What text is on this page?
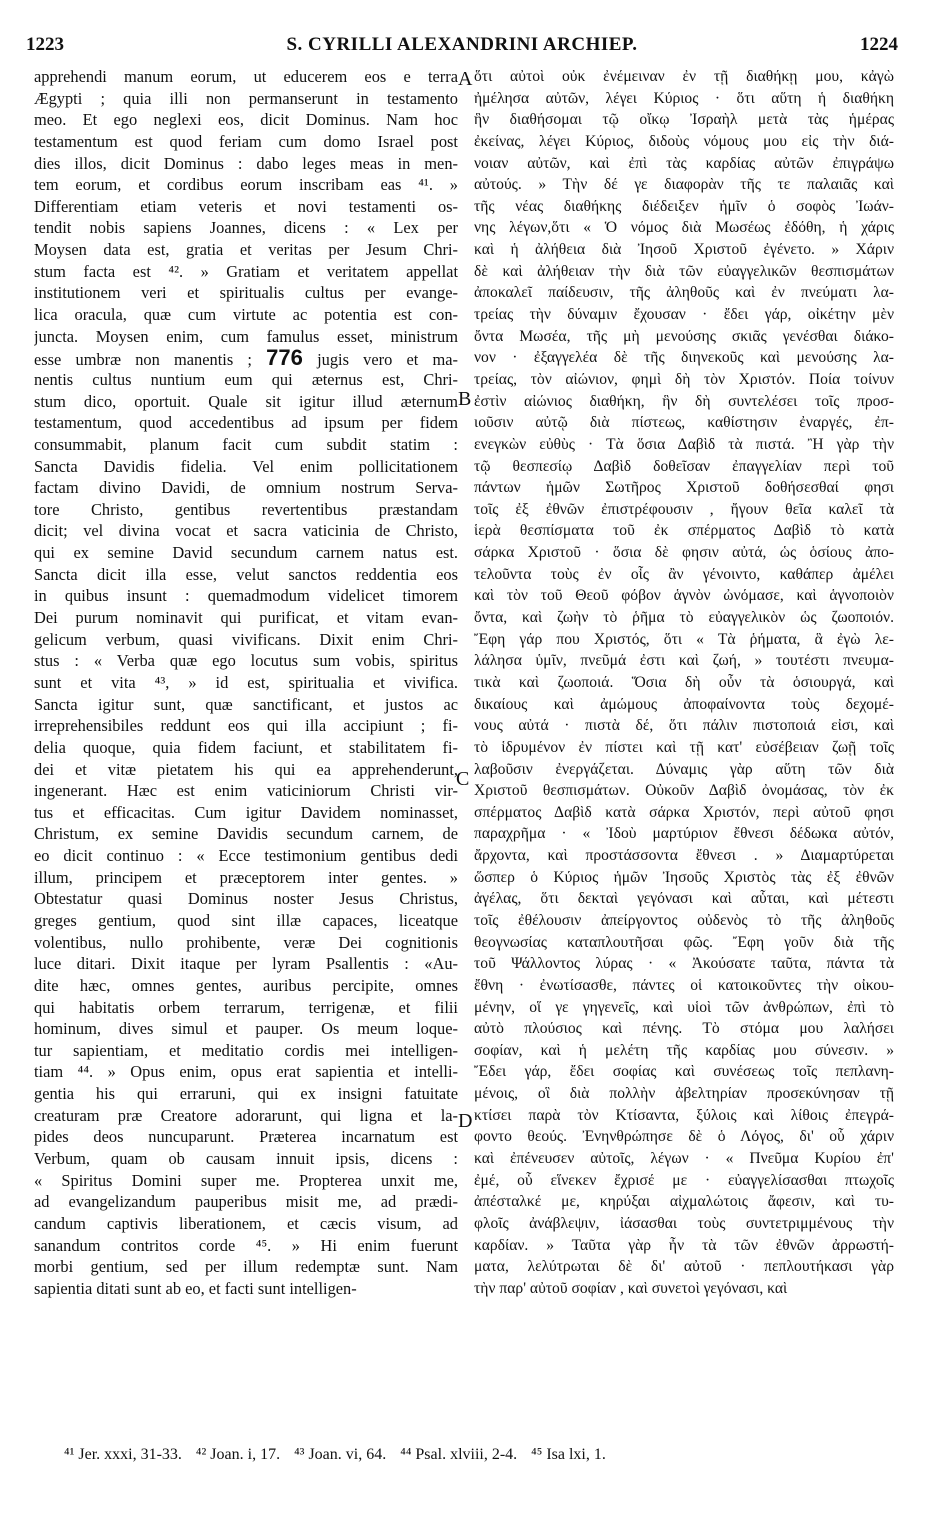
1223	S. CYRILLI ALEXANDRINI ARCHIEP.	1224
apprehendi manum eorum, ut educerem eos e terra
Ægypti ; quia illi non permanserunt in testamento
meo. Et ego neglexi eos, dicit Dominus. Nam hoc
testamentum est quod feriam cum domo Israel post
dies illos, dicit Dominus : dabo leges meas in men-
tem eorum, et cordibus eorum inscribam eas ⁴¹. »
Differentiam etiam veteris et novi testamenti os-
tendit nobis sapiens Joannes, dicens : « Lex per
Moysen data est, gratia et veritas per Jesum Chri-
stum facta est ⁴². » Gratiam et veritatem appellat
institutionem veri et spiritualis cultus per evange-
lica oracula, quæ cum virtute ac potentia est con-
juncta. Moysen enim, cum famulus esset, ministrum
esse umbræ non manentis ; 776 jugis vero et ma-
nentis cultus nuntium eum qui æternus est, Chri-
stum dico, oportuit. Quale sit igitur illud æternum
testamentum, quod accedentibus ad ipsum per fidem
consummabit, planum facit cum subdit statim :
Sancta Davidis fidelia. Vel enim pollicitationem
factam divino Davidi, de omnium nostrum Serva-
tore Christo, gentibus revertentibus præstandam
dicit; vel divina vocat et sacra vaticinia de Christo,
qui ex semine David secundum carnem natus est.
Sancta dicit illa esse, velut sanctos reddentia eos
in quibus insunt : quemadmodum videlicet timorem
Dei purum nominavit qui purificat, et vitam evan-
gelicum verbum, quasi vivificans. Dixit enim Chri-
stus : « Verba quæ ego locutus sum vobis, spiritus
sunt et vita ⁴³, » id est, spiritualia et vivifica.
Sancta igitur sunt, quæ sanctificant, et justos ac
irreprehensibiles reddunt eos qui illa accipiunt ; fi-
delia quoque, quia fidem faciunt, et stabilitatem fi-
dei et vitæ pietatem his qui ea apprehenderunt,
ingenerant. Hæc est enim vaticiniorum Christi vir-
tus et efficacitas. Cum igitur Davidem nominasset,
Christum, ex semine Davidis secundum carnem, de
eo dicit continuo : « Ecce testimonium gentibus dedi
illum, principem et præceptorem inter gentes. »
Obtestatur quasi Dominus noster Jesus Christus,
greges gentium, quod sint illæ capaces, liceatque
volentibus, nullo prohibente, veræ Dei cognitionis
luce ditari. Dixit itaque per lyram Psallentis : «Au-
dite hæc, omnes gentes, auribus percipite, omnes
qui habitatis orbem terrarum, terrigenæ, et filii
hominum, dives simul et pauper. Os meum loque-
tur sapientiam, et meditatio cordis mei intelligen-
tiam ⁴⁴. » Opus enim, opus erat sapientia et intelli-
gentia his qui erraruni, qui ex insigni fatuitate
creaturam præ Creatore adorarunt, qui ligna et la-
pides deos nuncuparunt. Præterea incarnatum est
Verbum, quam ob causam innuit ipsis, dicens :
« Spiritus Domini super me. Propterea unxit me,
ad evangelizandum pauperibus misit me, ad prædi-
candum captivis liberationem, et cæcis visum, ad
sanandum contritos corde ⁴⁵. » Hi enim fuerunt
morbi gentium, sed per illum redemptæ sunt. Nam
sapientia ditati sunt ab eo, et facti sunt intelligen-
ὅτι αὐτοὶ οὐκ ἐνέμειναν ἐν τῇ διαθήκῃ μου, κἀγὼ
ἠμέλησα αὐτῶν, λέγει Κύριος · ὅτι αὕτη ἡ διαθήκη
ἣν διαθήσομαι τῷ οἴκῳ Ἰσραὴλ μετὰ τὰς ἡμέρας
ἐκείνας, λέγει Κύριος, διδοὺς νόμους μου εἰς τὴν διά-
νοιαν αὐτῶν, καὶ ἐπὶ τὰς καρδίας αὐτῶν ἐπιγράψω
αὐτούς. » Τὴν δέ γε διαφορὰν τῆς τε παλαιᾶς καὶ
τῆς νέας διαθήκης διέδειξεν ἡμῖν ὁ σοφὸς Ἰωάν-
νης λέγων,ὅτι « Ὁ νόμος διὰ Μωσέως ἐδόθη, ἡ χάρις
καὶ ἡ ἀλήθεια διὰ Ἰησοῦ Χριστοῦ ἐγένετο. » Χάριν
δὲ καὶ ἀλήθειαν τὴν διὰ τῶν εὐαγγελικῶν θεσπισμάτων
ἀποκαλεῖ παίδευσιν, τῆς ἀληθοῦς καὶ ἐν πνεύματι λα-
τρείας τὴν δύναμιν ἔχουσαν · ἔδει γάρ, οἰκέτην μὲν
ὄντα Μωσέα, τῆς μὴ μενούσης σκιᾶς γενέσθαι διάκο-
νον · ἐξαγγελέα δὲ τῆς διηνεκοῦς καὶ μενούσης λα-
τρείας, τὸν αἰώνιον, φημὶ δὴ τὸν Χριστόν. Ποία τοίνυν
ἐστὶν αἰώνιος διαθήκη, ἣν δὴ συντελέσει τοῖς προσ-
ιοῦσιν αὐτῷ διὰ πίστεως, καθίστησιν ἐναργές, ἐπ-
ενεγκὼν εὐθὺς · Τὰ ὅσια Δαβὶδ τὰ πιστά. Ἢ γὰρ τὴν
τῷ θεσπεσίῳ Δαβὶδ δοθεῖσαν ἐπαγγελίαν περὶ τοῦ
πάντων ἡμῶν Σωτῆρος Χριστοῦ δοθήσεσθαί φησι
τοῖς ἐξ ἐθνῶν ἐπιστρέφουσιν , ἤγουν θεῖα καλεῖ τὰ
ἱερὰ θεσπίσματα τοῦ ἐκ σπέρματος Δαβὶδ τὸ κατὰ
σάρκα Χριστοῦ · ὅσια δὲ φησιν αὐτά, ὡς ὁσίους ἀπο-
τελοῦντα τοὺς ἐν οἷς ἂν γένοιντο, καθάπερ ἀμέλει
καὶ τὸν τοῦ Θεοῦ φόβον ἁγνὸν ὠνόμασε, καὶ ἁγνοποιὸν
ὄντα, καὶ ζωὴν τὸ ῥῆμα τὸ εὐαγγελικὸν ὡς ζωοποιόν.
Ἔφη γάρ που Χριστός, ὅτι « Τὰ ῥήματα, ἃ ἐγὼ λε-
λάλησα ὑμῖν, πνεῦμά ἐστι καὶ ζωή, » τουτέστι πνευμα-
τικὰ καὶ ζωοποιά. Ὅσια δὴ οὖν τὰ ὁσιουργά, καὶ
δικαίους καὶ ἀμώμους ἀποφαίνοντα τοὺς δεχομέ-
νους αὐτά · πιστὰ δέ, ὅτι πάλιν πιστοποιά εἰσι, καὶ
τὸ ἱδρυμένον ἐν πίστει καὶ τῇ κατ' εὐσέβειαν ζωῇ τοῖς
λαβοῦσιν ἐνεργάζεται. Δύναμις γὰρ αὕτη τῶν διὰ
Χριστοῦ θεσπισμάτων. Οὐκοῦν Δαβὶδ ὀνομάσας, τὸν ἐκ
σπέρματος Δαβὶδ κατὰ σάρκα Χριστόν, περὶ αὐτοῦ φησι
παραχρῆμα · « Ἰδοὺ μαρτύριον ἔθνεσι δέδωκα αὐτόν,
ἄρχοντα, καὶ προστάσσοντα ἔθνεσι . » Διαμαρτύρεται
ὥσπερ ὁ Κύριος ἡμῶν Ἰησοῦς Χριστὸς τὰς ἐξ ἐθνῶν
ἀγέλας, ὅτι δεκταὶ γεγόνασι καὶ αὗται, καὶ μέτεστι
τοῖς ἐθέλουσιν ἀπείργοντος οὐδενὸς τὸ τῆς ἀληθοῦς
θεογνωσίας καταπλουτῆσαι φῶς. Ἔφη γοῦν διὰ τῆς
τοῦ Ψάλλοντος λύρας · « Ἀκούσατε ταῦτα, πάντα τὰ
ἔθνη · ἐνωτίσασθε, πάντες οἱ κατοικοῦντες τὴν οἰκου-
μένην, οἵ γε γηγενεῖς, καὶ υἱοὶ τῶν ἀνθρώπων, ἐπὶ τὸ
αὐτὸ πλούσιος καὶ πένης. Τὸ στόμα μου λαλήσει
σοφίαν, καὶ ἡ μελέτη τῆς καρδίας μου σύνεσιν. »
Ἔδει γάρ, ἔδει σοφίας καὶ συνέσεως τοῖς πεπλανη-
μένοις, οἳ διὰ πολλὴν ἀβελτηρίαν προσεκύνησαν τῇ
κτίσει παρὰ τὸν Κτίσαντα, ξύλοις καὶ λίθοις ἐπεγρά-
φοντο θεούς. Ἐνηνθρώπησε δὲ ὁ Λόγος, δι' οὗ χάριν
καὶ ἐπένευσεν αὐτοῖς, λέγων · « Πνεῦμα Κυρίου ἐπ'
ἐμέ, οὗ εἵνεκεν ἔχρισέ με · εὐαγγελίσασθαι πτωχοῖς
ἀπέσταλκέ με, κηρύξαι αἰχμαλώτοις ἄφεσιν, καὶ τυ-
φλοῖς ἀνάβλεψιν, ἰάσασθαι τοὺς συντετριμμένους τὴν
καρδίαν. » Ταῦτα γὰρ ἦν τὰ τῶν ἐθνῶν ἀρρωστή-
ματα, λελύτρωται δὲ δι' αὐτοῦ · πεπλουτήκασι γὰρ
τὴν παρ' αὐτοῦ σοφίαν , καὶ συνετοὶ γεγόνασι, καὶ
A
B
C
D
⁴¹ Jer. xxxi, 31-33. ⁴² Joan. i, 17. ⁴³ Joan. vi, 64. ⁴⁴ Psal. xlviii, 2-4. ⁴⁵ Isa lxi, 1.
